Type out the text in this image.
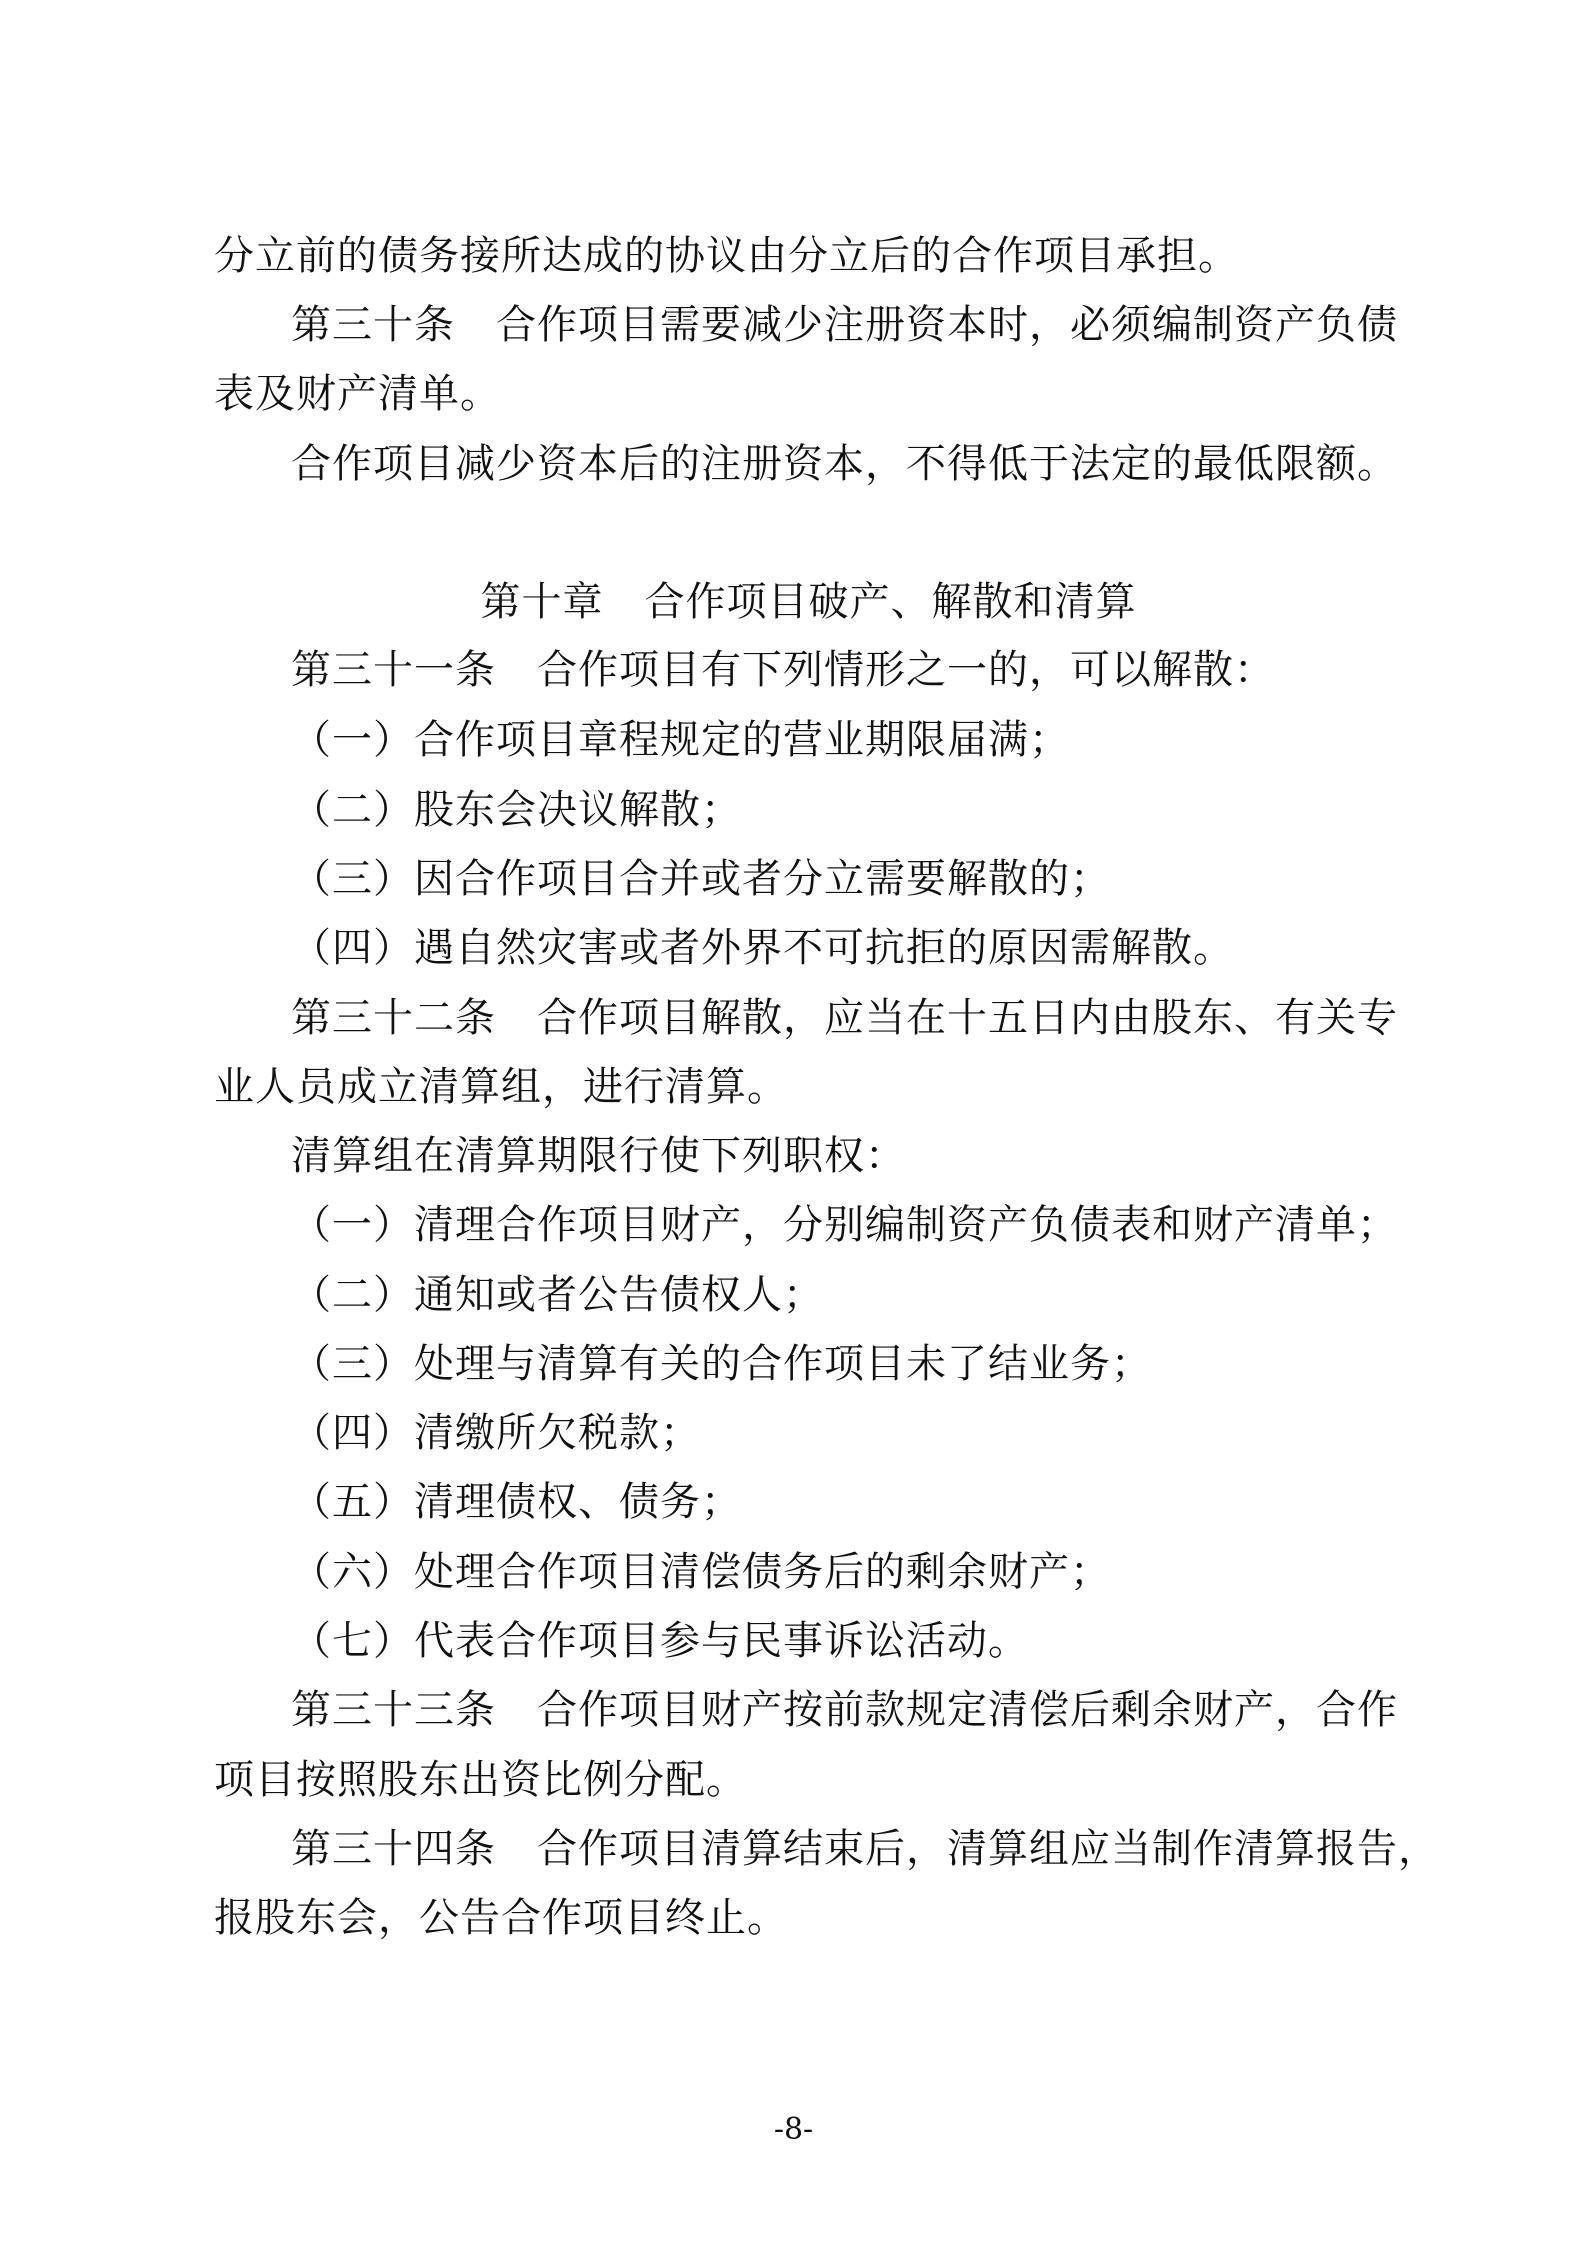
分立前的债务接所达成的协议由分立后的合作项目承担。
第三十条　合作项目需要减少注册资本时，必须编制资产负债
表及财产清单。
合作项目减少资本后的注册资本，不得低于法定的最低限额。
第十章　合作项目破产、解散和清算
第三十一条　合作项目有下列情形之一的，可以解散：
（一）合作项目章程规定的营业期限届满；
（二）股东会决议解散；
（三）因合作项目合并或者分立需要解散的；
（四）遇自然灾害或者外界不可抗拒的原因需解散。
第三十二条　合作项目解散，应当在十五日内由股东、有关专
业人员成立清算组，进行清算。
清算组在清算期限行使下列职权：
（一）清理合作项目财产，分别编制资产负债表和财产清单；
（二）通知或者公告债权人；
（三）处理与清算有关的合作项目未了结业务；
（四）清缴所欠税款；
（五）清理债权、债务；
（六）处理合作项目清偿债务后的剩余财产；
（七）代表合作项目参与民事诉讼活动。
第三十三条　合作项目财产按前款规定清偿后剩余财产，合作
项目按照股东出资比例分配。
第三十四条　合作项目清算结束后，清算组应当制作清算报告，
报股东会，公告合作项目终止。
-8-
